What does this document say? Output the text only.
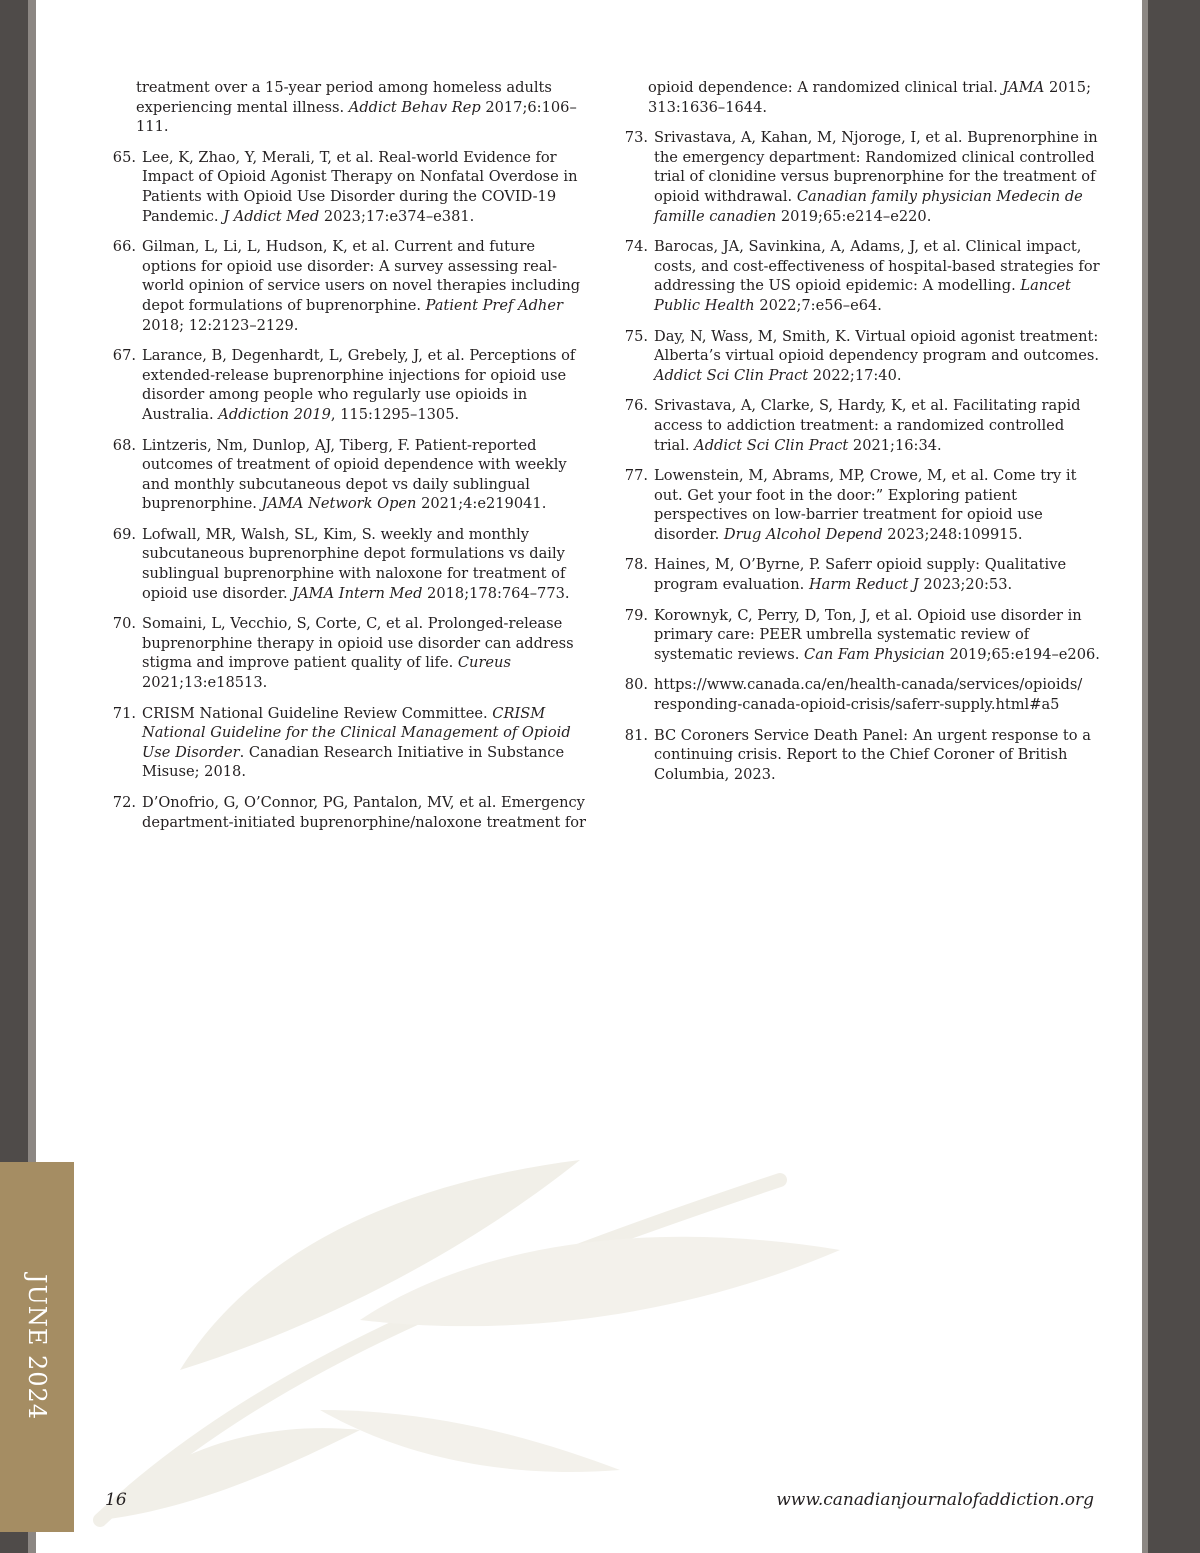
JUNE 2024
treatment over a 15-year period among homeless adults experiencing mental illness. Addict Behav Rep 2017;6:106–111.
65. Lee, K, Zhao, Y, Merali, T, et al. Real-world Evidence for Impact of Opioid Agonist Therapy on Nonfatal Overdose in Patients with Opioid Use Disorder during the COVID-19 Pandemic. J Addict Med 2023;17:e374–e381.
66. Gilman, L, Li, L, Hudson, K, et al. Current and future options for opioid use disorder: A survey assessing real-world opinion of service users on novel therapies including depot formulations of buprenorphine. Patient Pref Adher 2018; 12:2123–2129.
67. Larance, B, Degenhardt, L, Grebely, J, et al. Perceptions of extended-release buprenorphine injections for opioid use disorder among people who regularly use opioids in Australia. Addiction 2019, 115:1295–1305.
68. Lintzeris, Nm, Dunlop, AJ, Tiberg, F. Patient-reported outcomes of treatment of opioid dependence with weekly and monthly subcutaneous depot vs daily sublingual buprenorphine. JAMA Network Open 2021;4:e219041.
69. Lofwall, MR, Walsh, SL, Kim, S. weekly and monthly subcutaneous buprenorphine depot formulations vs daily sublingual buprenorphine with naloxone for treatment of opioid use disorder. JAMA Intern Med 2018;178:764–773.
70. Somaini, L, Vecchio, S, Corte, C, et al. Prolonged-release buprenorphine therapy in opioid use disorder can address stigma and improve patient quality of life. Cureus 2021;13:e18513.
71. CRISM National Guideline Review Committee. CRISM National Guideline for the Clinical Management of Opioid Use Disorder. Canadian Research Initiative in Substance Misuse; 2018.
72. D’Onofrio, G, O’Connor, PG, Pantalon, MV, et al. Emergency department-initiated buprenorphine/naloxone treatment for
opioid dependence: A randomized clinical trial. JAMA 2015; 313:1636–1644.
73. Srivastava, A, Kahan, M, Njoroge, I, et al. Buprenorphine in the emergency department: Randomized clinical controlled trial of clonidine versus buprenorphine for the treatment of opioid withdrawal. Canadian family physician Medecin de famille canadien 2019;65:e214–e220.
74. Barocas, JA, Savinkina, A, Adams, J, et al. Clinical impact, costs, and cost-effectiveness of hospital-based strategies for addressing the US opioid epidemic: A modelling. Lancet Public Health 2022;7:e56–e64.
75. Day, N, Wass, M, Smith, K. Virtual opioid agonist treatment: Alberta’s virtual opioid dependency program and outcomes. Addict Sci Clin Pract 2022;17:40.
76. Srivastava, A, Clarke, S, Hardy, K, et al. Facilitating rapid access to addiction treatment: a randomized controlled trial. Addict Sci Clin Pract 2021;16:34.
77. Lowenstein, M, Abrams, MP, Crowe, M, et al. Come try it out. Get your foot in the door:” Exploring patient perspectives on low-barrier treatment for opioid use disorder. Drug Alcohol Depend 2023;248:109915.
78. Haines, M, O’Byrne, P. Saferr opioid supply: Qualitative program evaluation. Harm Reduct J 2023;20:53.
79. Korownyk, C, Perry, D, Ton, J, et al. Opioid use disorder in primary care: PEER umbrella systematic review of systematic reviews. Can Fam Physician 2019;65:e194–e206.
80. https://www.canada.ca/en/health-canada/services/opioids/ responding-canada-opioid-crisis/saferr-supply.html#a5
81. BC Coroners Service Death Panel: An urgent response to a continuing crisis. Report to the Chief Coroner of British Columbia, 2023.
16	www.canadianjournalofaddiction.org
